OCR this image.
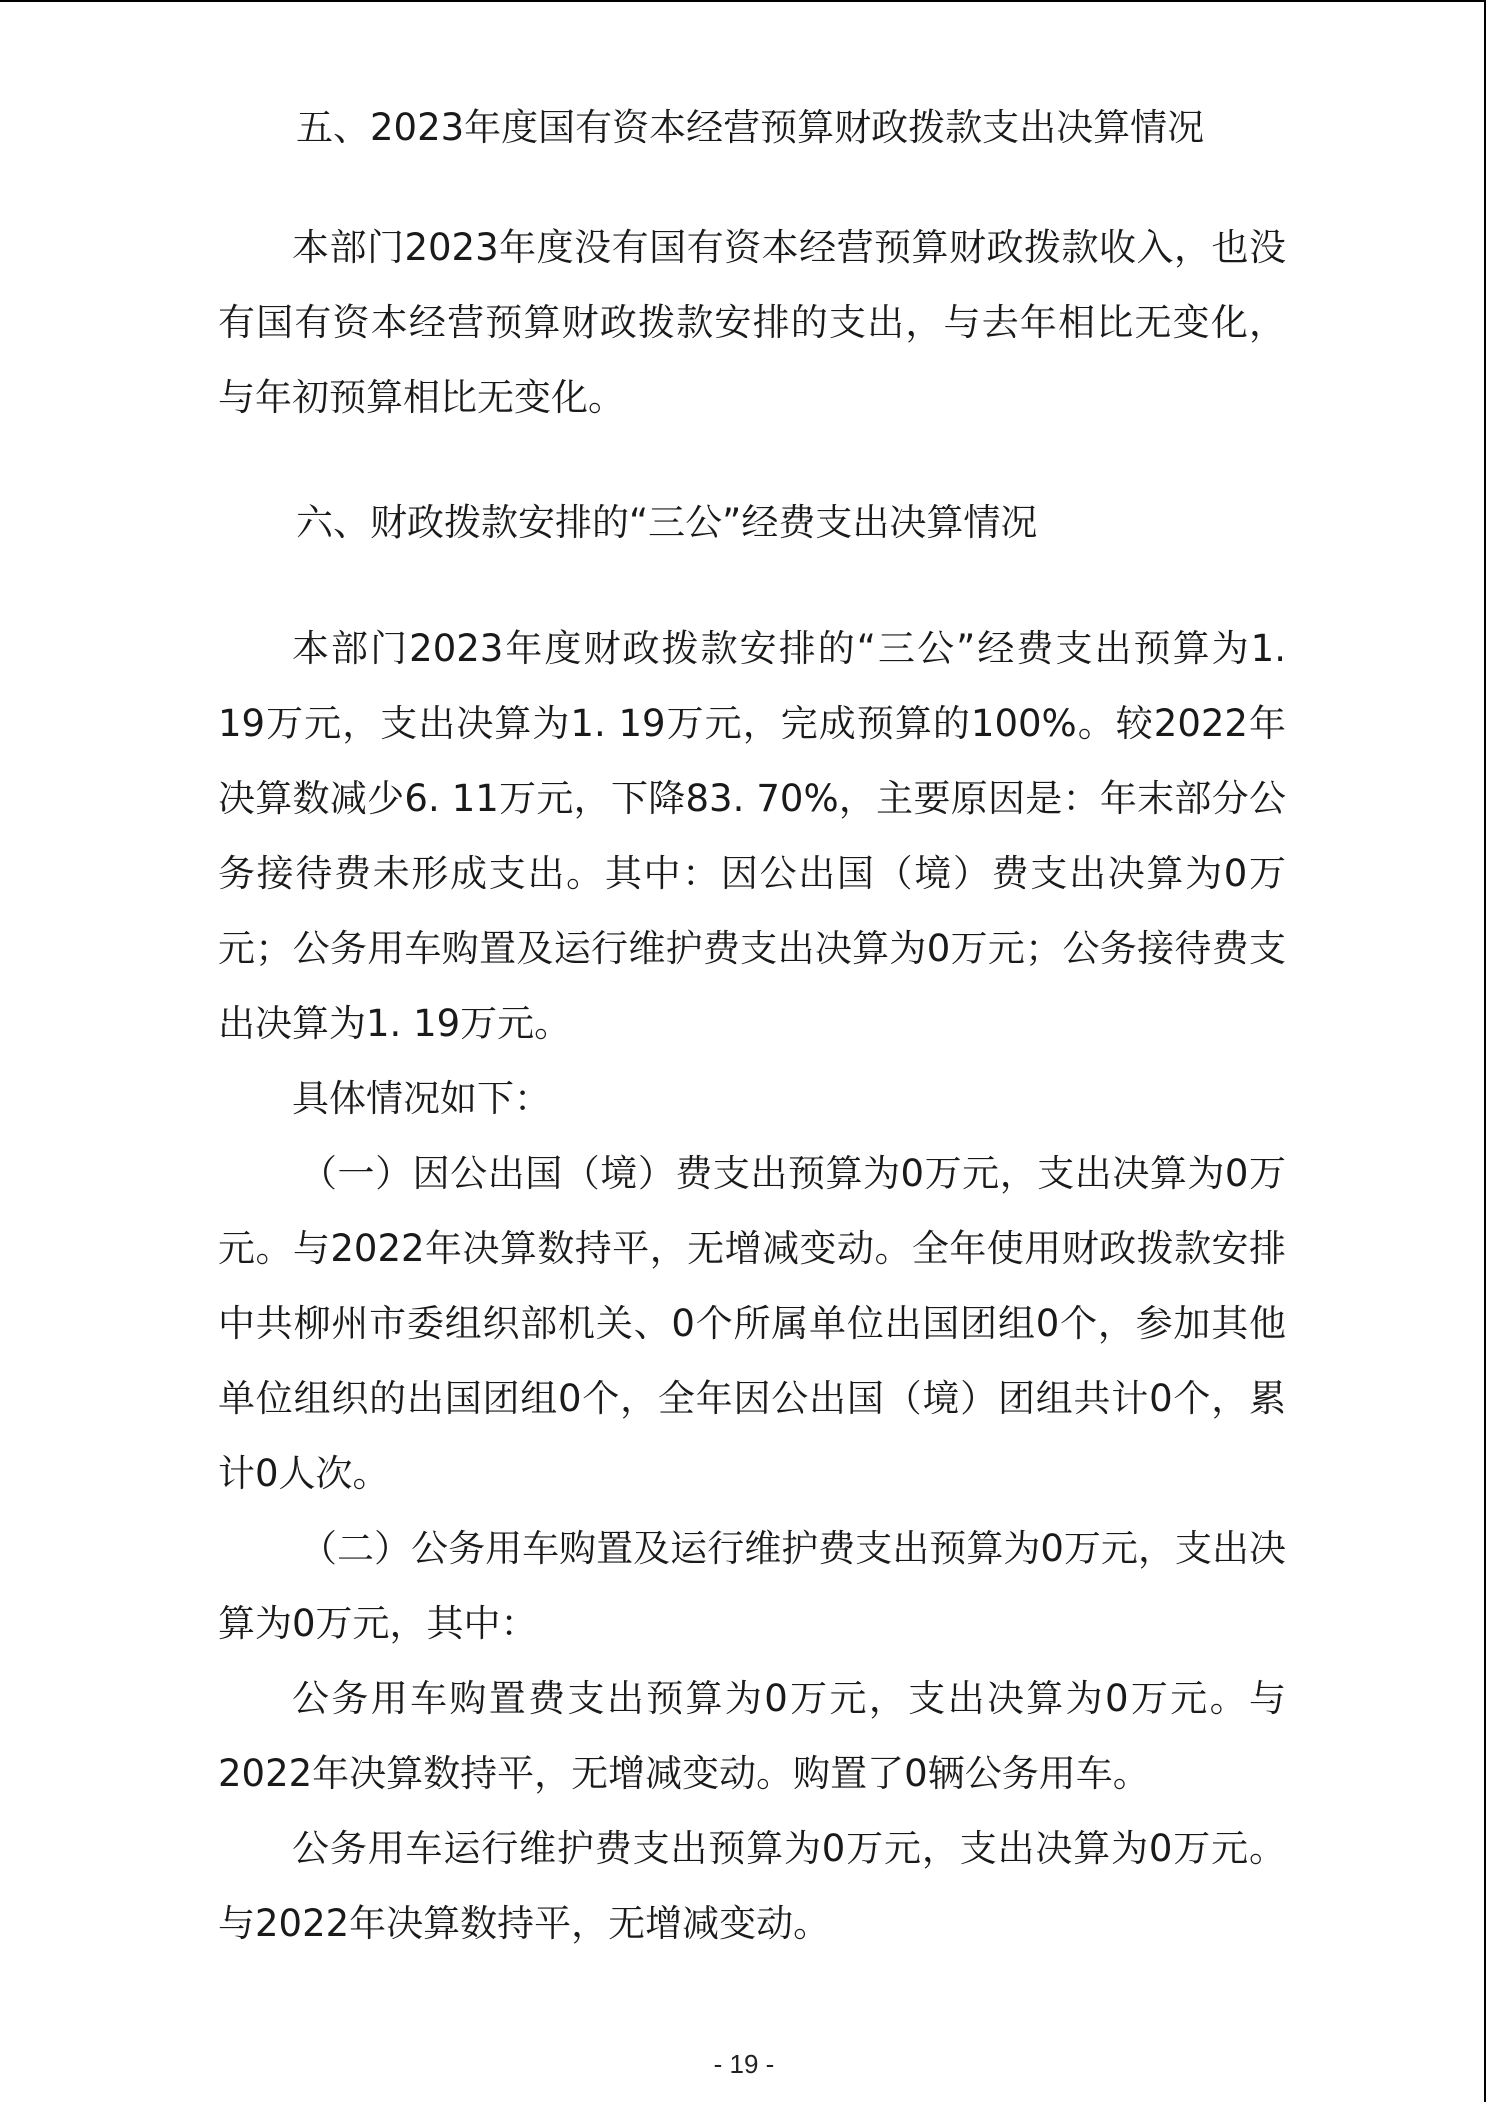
五、2023年度国有资本经营预算财政拨款支出决算情况

本部门2023年度没有国有资本经营预算财政拨款收入，也没有国有资本经营预算财政拨款安排的支出，与去年相比无变化，与年初预算相比无变化。

六、财政拨款安排的“三公”经费支出决算情况

本部门2023年度财政拨款安排的“三公”经费支出预算为1. 19万元，支出决算为1. 19万元，完成预算的100%。较2022年决算数减少6. 11万元，下降83. 70%，主要原因是：年末部分公务接待费未形成支出。其中：因公出国（境）费支出决算为0万元；公务用车购置及运行维护费支出决算为0万元；公务接待费支出决算为1. 19万元。

具体情况如下：

（一）因公出国（境）费支出预算为0万元，支出决算为0万元。与2022年决算数持平，无增减变动。全年使用财政拨款安排中共柳州市委组织部机关、0个所属单位出国团组0个，参加其他单位组织的出国团组0个，全年因公出国（境）团组共计0个，累计0人次。

（二）公务用车购置及运行维护费支出预算为0万元，支出决算为0万元，其中：

公务用车购置费支出预算为0万元，支出决算为0万元。与2022年决算数持平，无增减变动。购置了0辆公务用车。

公务用车运行维护费支出预算为0万元，支出决算为0万元。与2022年决算数持平，无增减变动。

- 19 -
